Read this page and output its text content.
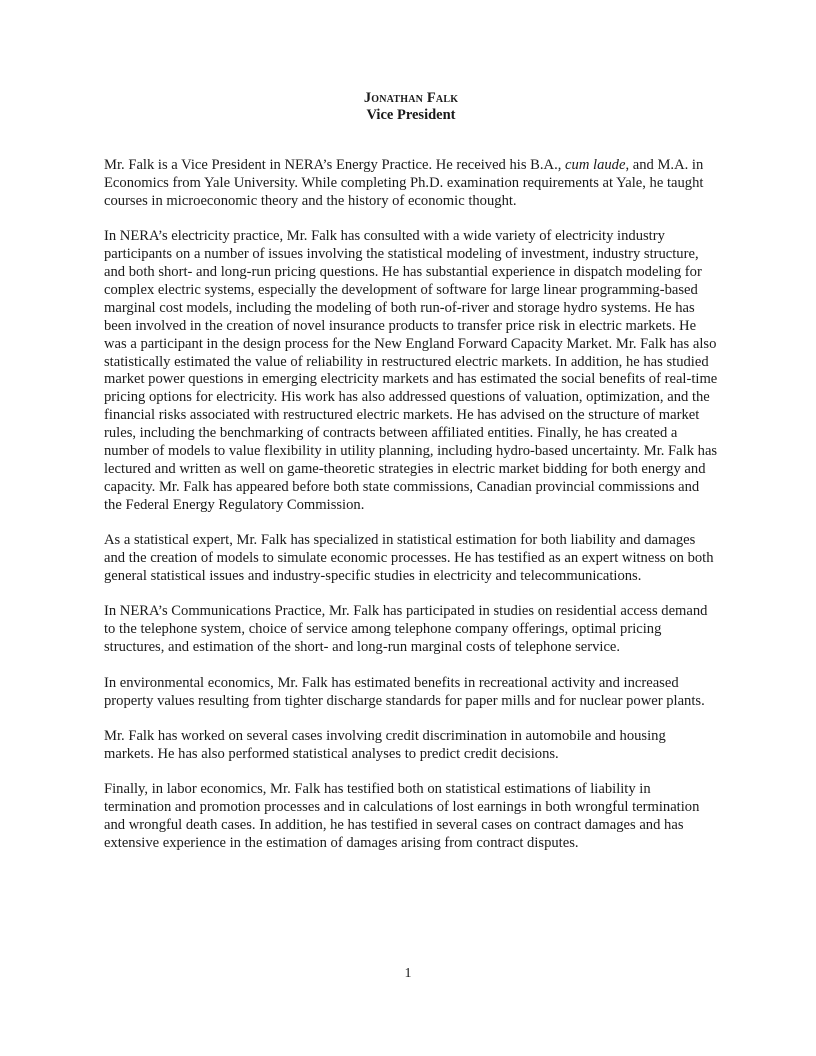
Jonathan Falk
Vice President

Mr. Falk is a Vice President in NERA’s Energy Practice. He received his B.A., cum laude, and M.A. in Economics from Yale University. While completing Ph.D. examination requirements at Yale, he taught courses in microeconomic theory and the history of economic thought.

In NERA’s electricity practice, Mr. Falk has consulted with a wide variety of electricity industry participants on a number of issues involving the statistical modeling of investment, industry structure, and both short- and long-run pricing questions. He has substantial experience in dispatch modeling for complex electric systems, especially the development of software for large linear programming-based marginal cost models, including the modeling of both run-of-river and storage hydro systems. He has been involved in the creation of novel insurance products to transfer price risk in electric markets. He was a participant in the design process for the New England Forward Capacity Market. Mr. Falk has also statistically estimated the value of reliability in restructured electric markets. In addition, he has studied market power questions in emerging electricity markets and has estimated the social benefits of real-time pricing options for electricity. His work has also addressed questions of valuation, optimization, and the financial risks associated with restructured electric markets. He has advised on the structure of market rules, including the benchmarking of contracts between affiliated entities. Finally, he has created a number of models to value flexibility in utility planning, including hydro-based uncertainty. Mr. Falk has lectured and written as well on game-theoretic strategies in electric market bidding for both energy and capacity. Mr. Falk has appeared before both state commissions, Canadian provincial commissions and the Federal Energy Regulatory Commission.

As a statistical expert, Mr. Falk has specialized in statistical estimation for both liability and damages and the creation of models to simulate economic processes. He has testified as an expert witness on both general statistical issues and industry-specific studies in electricity and telecommunications.

In NERA’s Communications Practice, Mr. Falk has participated in studies on residential access demand to the telephone system, choice of service among telephone company offerings, optimal pricing structures, and estimation of the short- and long-run marginal costs of telephone service.

In environmental economics, Mr. Falk has estimated benefits in recreational activity and increased property values resulting from tighter discharge standards for paper mills and for nuclear power plants.

Mr. Falk has worked on several cases involving credit discrimination in automobile and housing markets. He has also performed statistical analyses to predict credit decisions.

Finally, in labor economics, Mr. Falk has testified both on statistical estimations of liability in termination and promotion processes and in calculations of lost earnings in both wrongful termination and wrongful death cases. In addition, he has testified in several cases on contract damages and has extensive experience in the estimation of damages arising from contract disputes.

1
